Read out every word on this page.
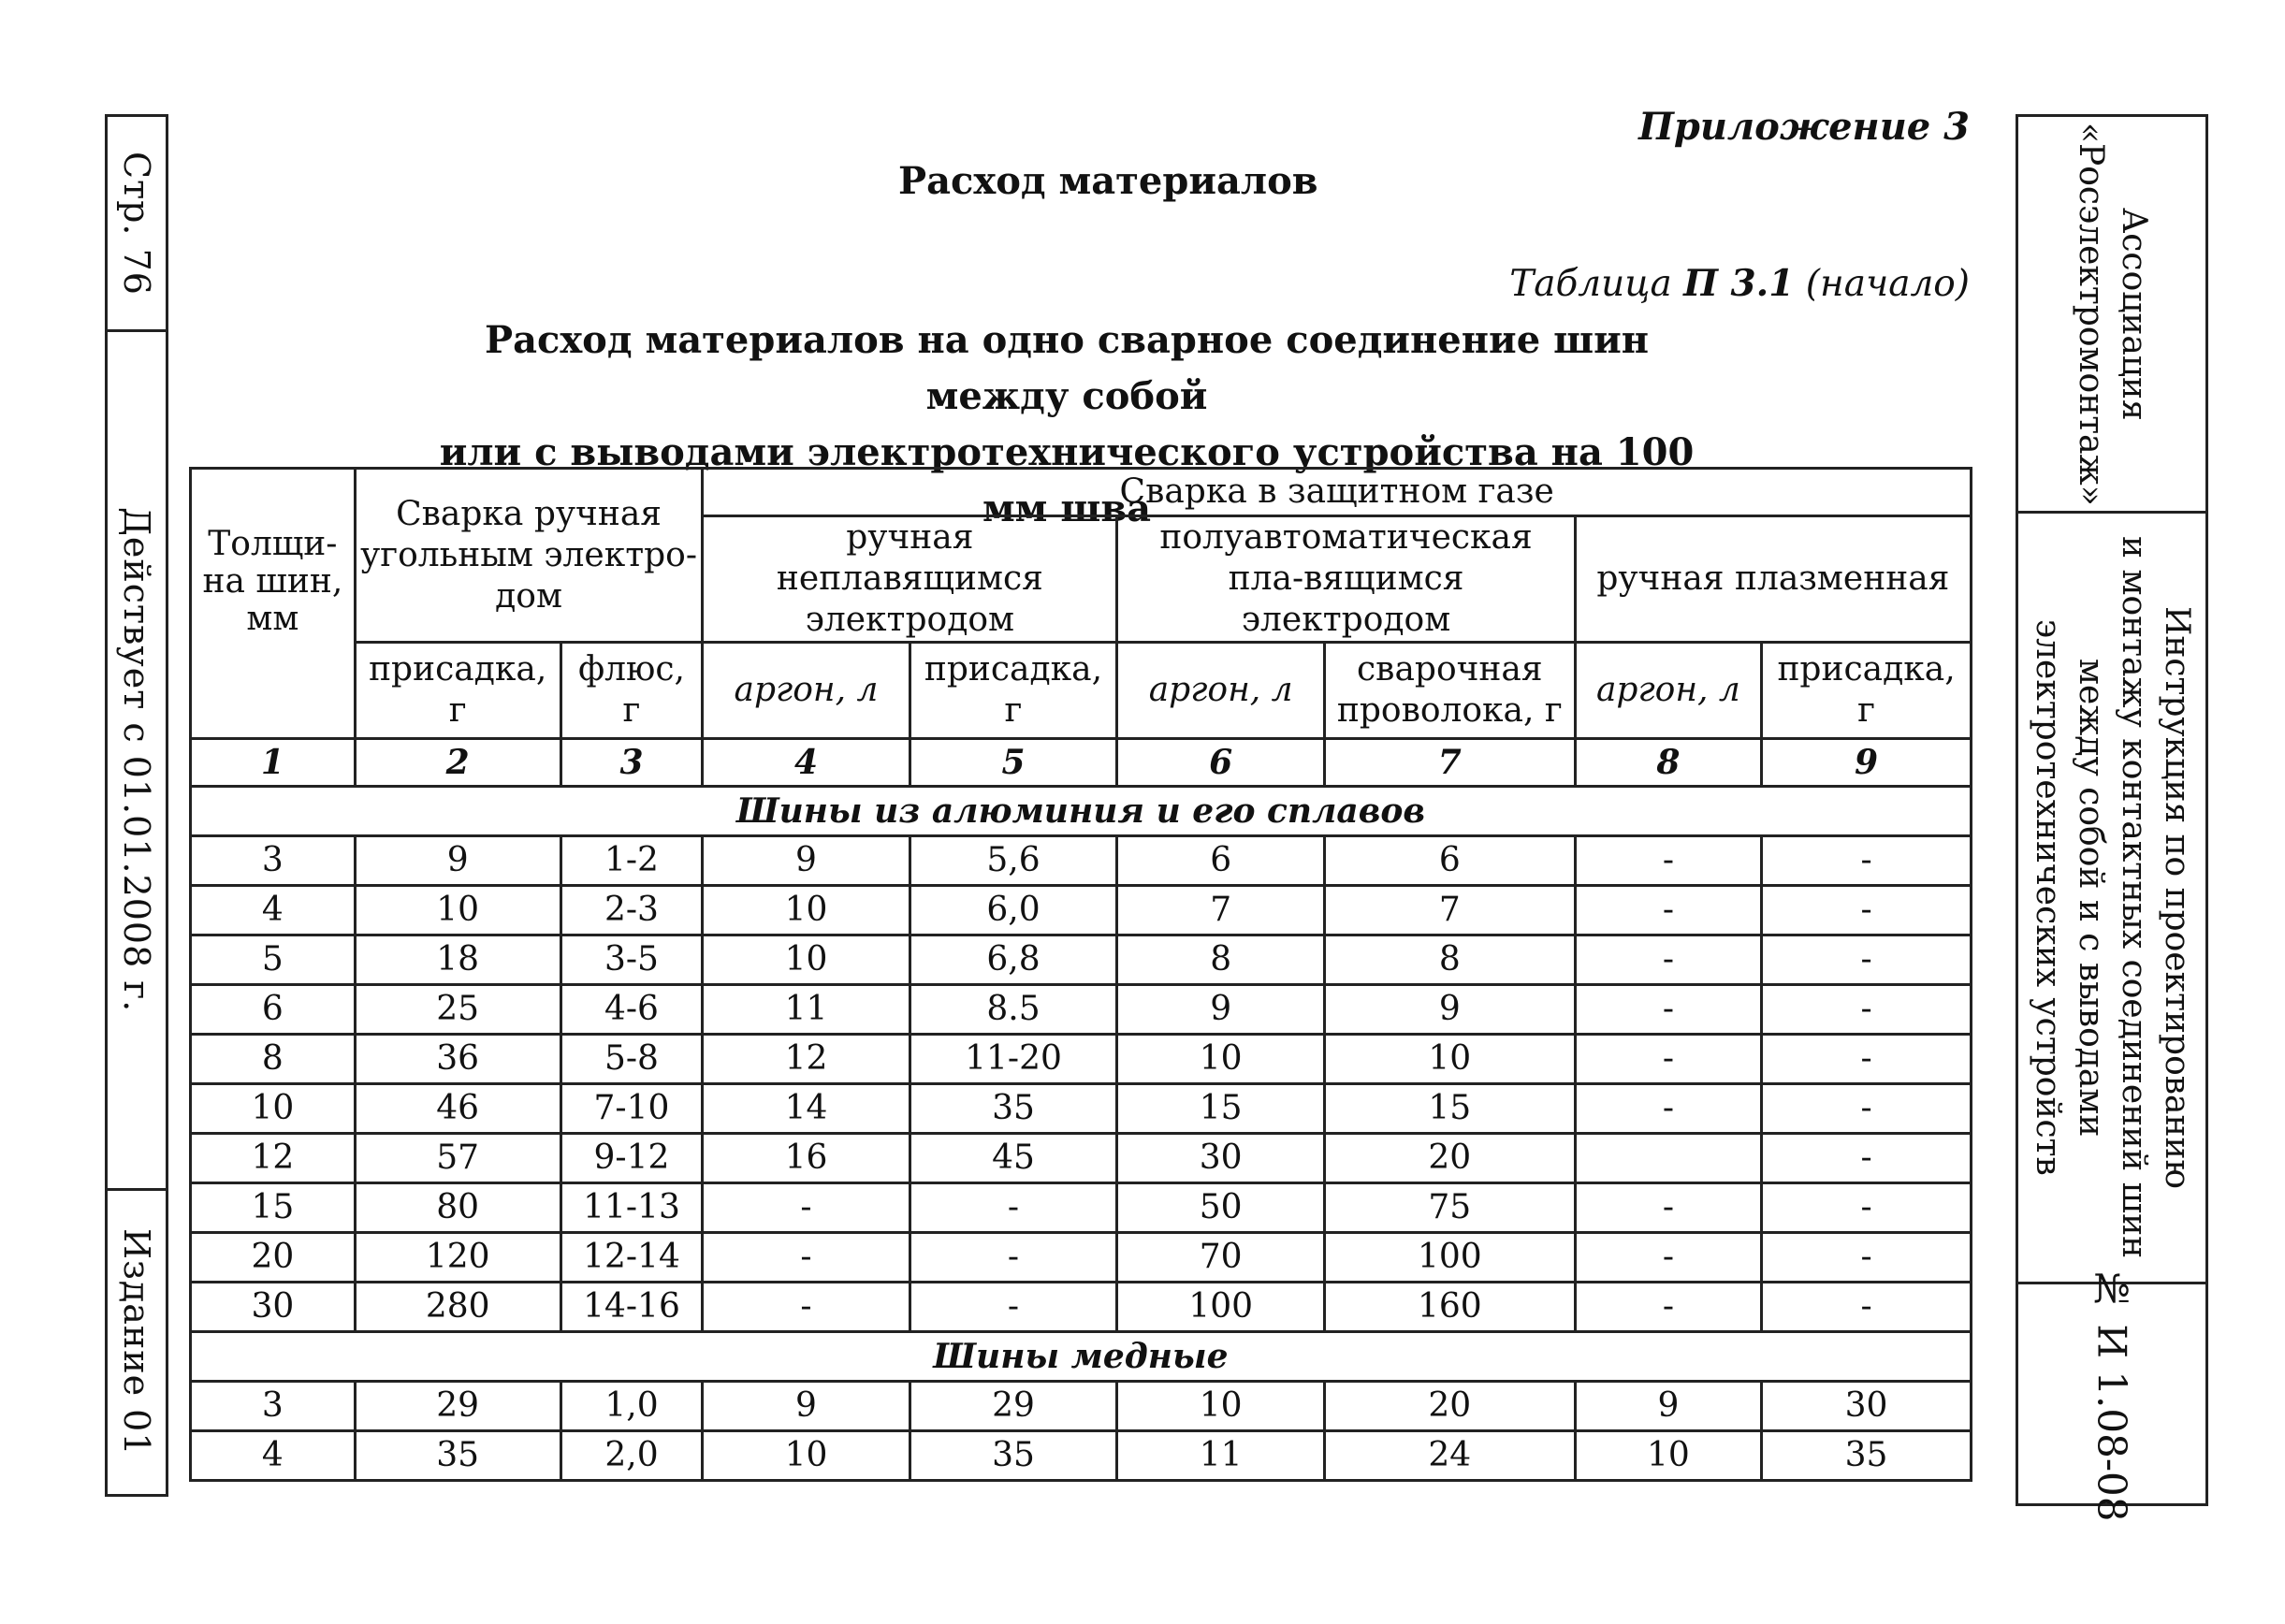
Стр. 76
Действует с 01.01.2008 г.
Издание 01
Ассоциация
«Росэлектромонтаж»
Инструкция по проектированию
и монтажу контактных соединений шин
между собой и с выводами
электротехнических устройств
№ И 1.08-08
Приложение 3
Расход материалов
Таблица П 3.1 (начало)
Расход материалов на одно сварное соединение шин между собой
или с выводами электротехнического устройства на 100 мм шва
Толщи-
на шин,
мм	Сварка ручная угольным электро-дом		Сварка в защитном газе					
			ручная неплавящимся электродом		полуавтоматическая пла-вящимся электродом		ручная плазменная	
	присадка, г	флюс, г	аргон, л	присадка, г	аргон, л	сварочная проволока, г	аргон, л	присадка, г
1	2	3	4	5	6	7	8	9
Шины из алюминия и его сплавов								
3	9	1-2	9	5,6	6	6	-	-
4	10	2-3	10	6,0	7	7	-	-
5	18	3-5	10	6,8	8	8	-	-
6	25	4-6	11	8.5	9	9	-	-
8	36	5-8	12	11-20	10	10	-	-
10	46	7-10	14	35	15	15	-	-
12	57	9-12	16	45	30	20		-
15	80	11-13	-	-	50	75	-	-
20	120	12-14	-	-	70	100	-	-
30	280	14-16	-	-	100	160	-	-
Шины медные								
3	29	1,0	9	29	10	20	9	30
4	35	2,0	10	35	11	24	10	35
